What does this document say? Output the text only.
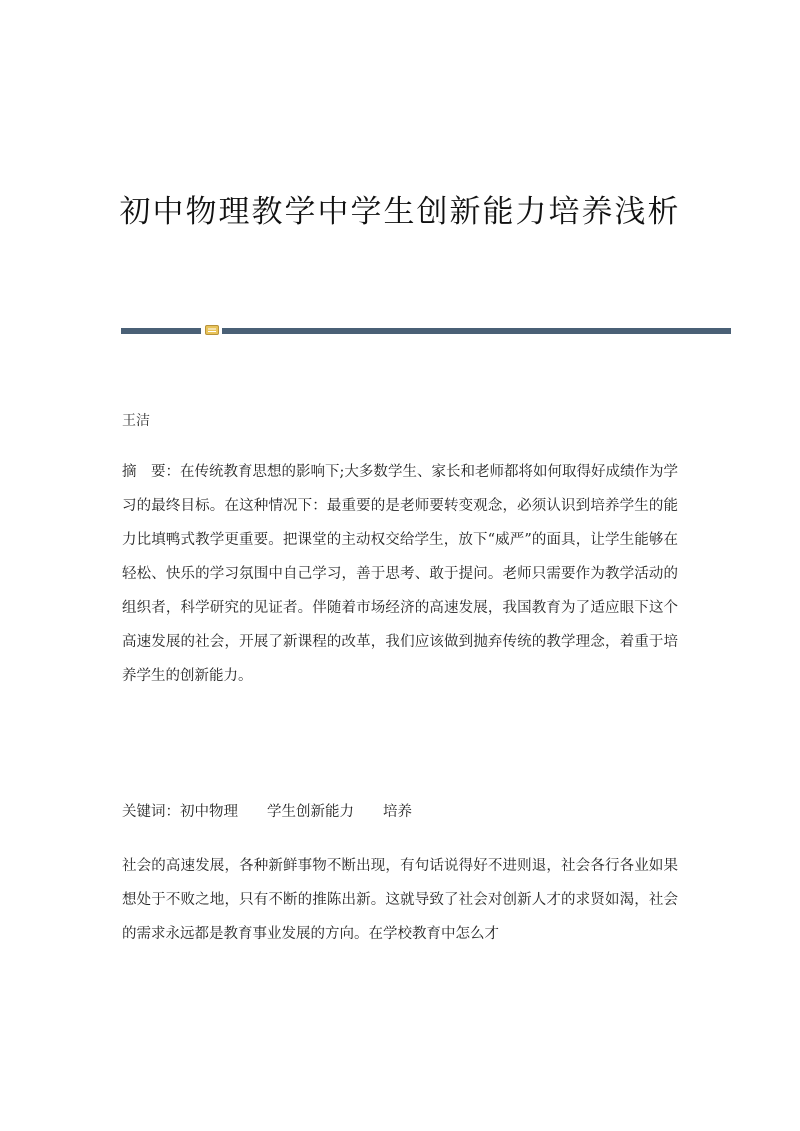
初中物理教学中学生创新能力培养浅析
王洁

摘　要：在传统教育思想的影响下;大多数学生、家长和老师都将如何取得好成绩作为学习的最终目标。在这种情况下：最重要的是老师要转变观念，必须认识到培养学生的能力比填鸭式教学更重要。把课堂的主动权交给学生，放下“威严”的面具，让学生能够在轻松、快乐的学习氛围中自己学习，善于思考、敢于提问。老师只需要作为教学活动的组织者，科学研究的见证者。伴随着市场经济的高速发展，我国教育为了适应眼下这个高速发展的社会，开展了新课程的改革，我们应该做到抛弃传统的教学理念，着重于培养学生的创新能力。

关键词：初中物理　　学生创新能力　　培养

社会的高速发展，各种新鲜事物不断出现，有句话说得好不进则退，社会各行各业如果想处于不败之地，只有不断的推陈出新。这就导致了社会对创新人才的求贤如渴，社会的需求永远都是教育事业发展的方向。在学校教育中怎么才
